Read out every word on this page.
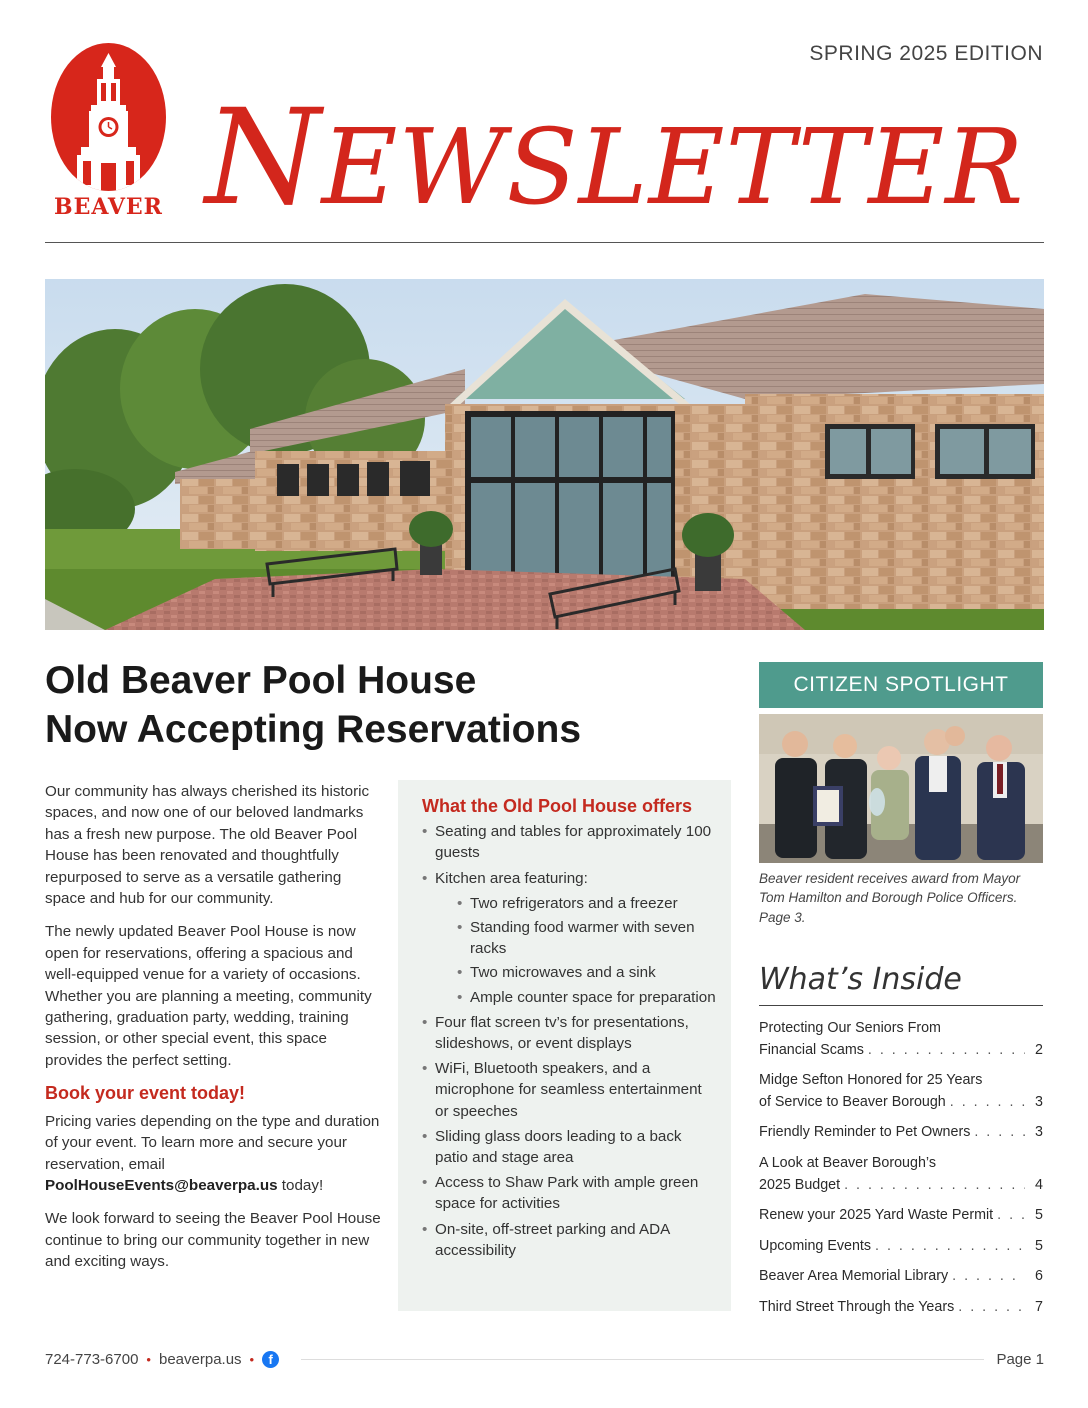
SPRING 2025 EDITION
BEAVER NEWSLETTER
Old Beaver Pool House
Now Accepting Reservations

Our community has always cherished its historic spaces, and now one of our beloved landmarks has a fresh new purpose. The old Beaver Pool House has been renovated and thoughtfully repurposed to serve as a versatile gathering space and hub for our community.

The newly updated Beaver Pool House is now open for reservations, offering a spacious and well-equipped venue for a variety of occasions. Whether you are planning a meeting, community gathering, graduation party, wedding, training session, or other special event, this space provides the perfect setting.

Book your event today!

Pricing varies depending on the type and duration of your event. To learn more and secure your reservation, email PoolHouseEvents@beaverpa.us today!

We look forward to seeing the Beaver Pool House continue to bring our community together in new and exciting ways.

What the Old Pool House offers
• Seating and tables for approximately 100 guests
• Kitchen area featuring:
• Two refrigerators and a freezer
• Standing food warmer with seven racks
• Two microwaves and a sink
• Ample counter space for preparation
• Four flat screen tv’s for presentations, slideshows, or event displays
• WiFi, Bluetooth speakers, and a microphone for seamless entertainment or speeches
• Sliding glass doors leading to a back patio and stage area
• Access to Shaw Park with ample green space for activities
• On-site, off-street parking and ADA accessibility
CITIZEN SPOTLIGHT
Beaver resident receives award from Mayor Tom Hamilton and Borough Police Officers. Page 3.
What’s Inside
Protecting Our Seniors From
Financial Scams . . .	2
Midge Sefton Honored for 25 Years
of Service to Beaver Borough . . .	3
Friendly Reminder to Pet Owners . . .	3
A Look at Beaver Borough’s
2025 Budget . . .	4
Renew your 2025 Yard Waste Permit . . .	5
Upcoming Events . . .	5
Beaver Area Memorial Library . . .	6
Third Street Through the Years . . .	7
724-773-6700 • beaverpa.us •	f	Page 1
